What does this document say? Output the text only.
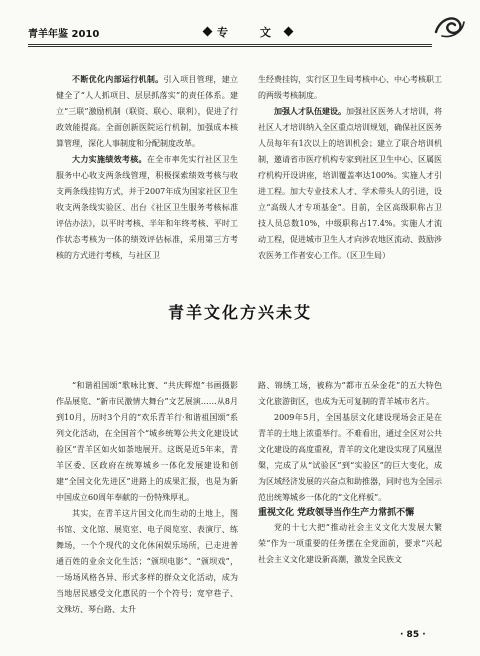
青羊年鉴 2010	专 文

不断优化内部运行机制。引入项目管理，建立健全了“人人抓项目、层层抓落实”的责任体系。建立“三联”激励机制（联资、联心、联利），促进了行政效能提高。全面创新医院运行机制，加强成本核算管理，深化人事制度和分配制度改革。

大力实施绩效考核。在全市率先实行社区卫生服务中心收支两条线管理，积极探索绩效考核与收支两条线挂钩方式，并于2007年成为国家社区卫生收支两条线实验区、出台《社区卫生服务考核标准评估办法》，以平时考核、半年和年终考核、平时工作状态考核为一体的绩效评估标准，采用第三方考核的方式进行考核，与社区卫

生经费挂钩，实行区卫生局考核中心、中心考核职工的两级考核制度。

加强人才队伍建设。加强社区医务人才培训，将社区人才培训纳入全区重点培训规划，确保社区医务人员每年有1次以上的培训机会；建立了联合培训机制，邀请省市医疗机构专家到社区卫生中心、区属医疗机构开设讲座，培训覆盖率达100%。实施人才引进工程。加大专业技术人才、学术带头人的引进，设立“高级人才专项基金”。目前，全区高级职称占卫技人员总数10%，中级职称占17.4%。实施人才流动工程，促进城市卫生人才向涉农地区流动、鼓励涉农医务工作者安心工作。（区卫生局）

青羊文化方兴未艾

“和谐祖国颂”歌咏比赛、“共庆辉煌”书画摄影作品展览、“新市民激情大舞台”文艺展演……从8月到10月，历时3个月的“欢乐青羊行·和谐祖国颂”系列文化活动，在全国首个“城乡统筹公共文化建设试验区”青羊区如火如荼地展开。这既是近5年来，青羊区委、区政府在统筹城乡一体化发展建设和创建“全国文化先进区”进路上的成果汇报，也是为新中国成立60周年奉献的一份特殊厚礼。

其实，在青羊这片国文化而生动的土地上，图书馆、文化馆、展览室、电子阅览室、表演厅、练舞场，一个个现代的文化休闲娱乐场所，已走进普通百姓的业余文化生活；“颁坝电影”、“颁坝戏”，一场场风格各异、形式多样的群众文化活动，成为当地居民感受文化惠民的一个个符号；宽窄巷子、文殊坊、琴台路、太升

路、锦绣工场，被称为“都市五朵金花”的五大特色文化旅游街区，也成为无可复制的青羊城市名片。

2009年5月，全国基层文化建设现场会正是在青羊的土地上浓重举行。不难看出，通过全区对公共文化建设的高度重视，青羊的文化建设实现了风凰涅槃，完成了从“试验区”到“实验区”的巨大变化，成为区域经济发展的兴奋点和助推器，同时也为全国示范出统筹城乡一体化的“文化样板”。

重视文化 党政领导当作生产力常抓不懈

党的十七大把“推动社会主义文化大发展大繁荣”作为一项重要的任务摆在全党面前，要求“兴起社会主义文化建设新高潮，激发全民族文

· 85 ·
